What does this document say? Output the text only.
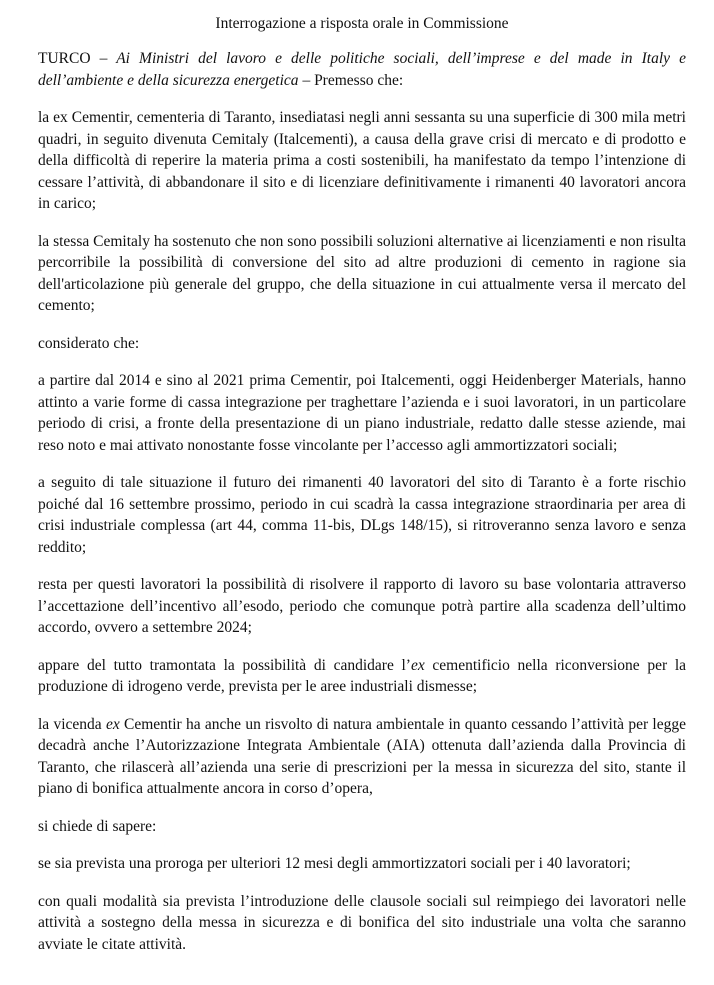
Interrogazione a risposta orale in Commissione

TURCO – Ai Ministri del lavoro e delle politiche sociali, dell’imprese e del made in Italy e dell’ambiente e della sicurezza energetica – Premesso che:

la ex Cementir, cementeria di Taranto, insediatasi negli anni sessanta su una superficie di 300 mila metri quadri, in seguito divenuta Cemitaly (Italcementi), a causa della grave crisi di mercato e di prodotto e della difficoltà di reperire la materia prima a costi sostenibili, ha manifestato da tempo l’intenzione di cessare l’attività, di abbandonare il sito e di licenziare definitivamente i rimanenti 40 lavoratori ancora in carico;

la stessa Cemitaly ha sostenuto che non sono possibili soluzioni alternative ai licenziamenti e non risulta percorribile la possibilità di conversione del sito ad altre produzioni di cemento in ragione sia dell'articolazione più generale del gruppo, che della situazione in cui attualmente versa il mercato del cemento;

considerato che:

a partire dal 2014 e sino al 2021 prima Cementir, poi Italcementi, oggi Heidenberger Materials, hanno attinto a varie forme di cassa integrazione per traghettare l’azienda e i suoi lavoratori, in un particolare periodo di crisi, a fronte della presentazione di un piano industriale, redatto dalle stesse aziende, mai reso noto e mai attivato nonostante fosse vincolante per l’accesso agli ammortizzatori sociali;

a seguito di tale situazione il futuro dei rimanenti 40 lavoratori del sito di Taranto è a forte rischio poiché dal 16 settembre prossimo, periodo in cui scadrà la cassa integrazione straordinaria per area di crisi industriale complessa (art 44, comma 11-bis, DLgs 148/15), si ritroveranno senza lavoro e senza reddito;

resta per questi lavoratori la possibilità di risolvere il rapporto di lavoro su base volontaria attraverso l’accettazione dell’incentivo all’esodo, periodo che comunque potrà partire alla scadenza dell’ultimo accordo, ovvero a settembre 2024;

appare del tutto tramontata la possibilità di candidare l’ex cementificio nella riconversione per la produzione di idrogeno verde, prevista per le aree industriali dismesse;

la vicenda ex Cementir ha anche un risvolto di natura ambientale in quanto cessando l’attività per legge decadrà anche l’Autorizzazione Integrata Ambientale (AIA) ottenuta dall’azienda dalla Provincia di Taranto, che rilascerà all’azienda una serie di prescrizioni per la messa in sicurezza del sito, stante il piano di bonifica attualmente ancora in corso d’opera,

si chiede di sapere:

se sia prevista una proroga per ulteriori 12 mesi degli ammortizzatori sociali per i 40 lavoratori;

con quali modalità sia prevista l’introduzione delle clausole sociali sul reimpiego dei lavoratori nelle attività a sostegno della messa in sicurezza e di bonifica del sito industriale una volta che saranno avviate le citate attività.
